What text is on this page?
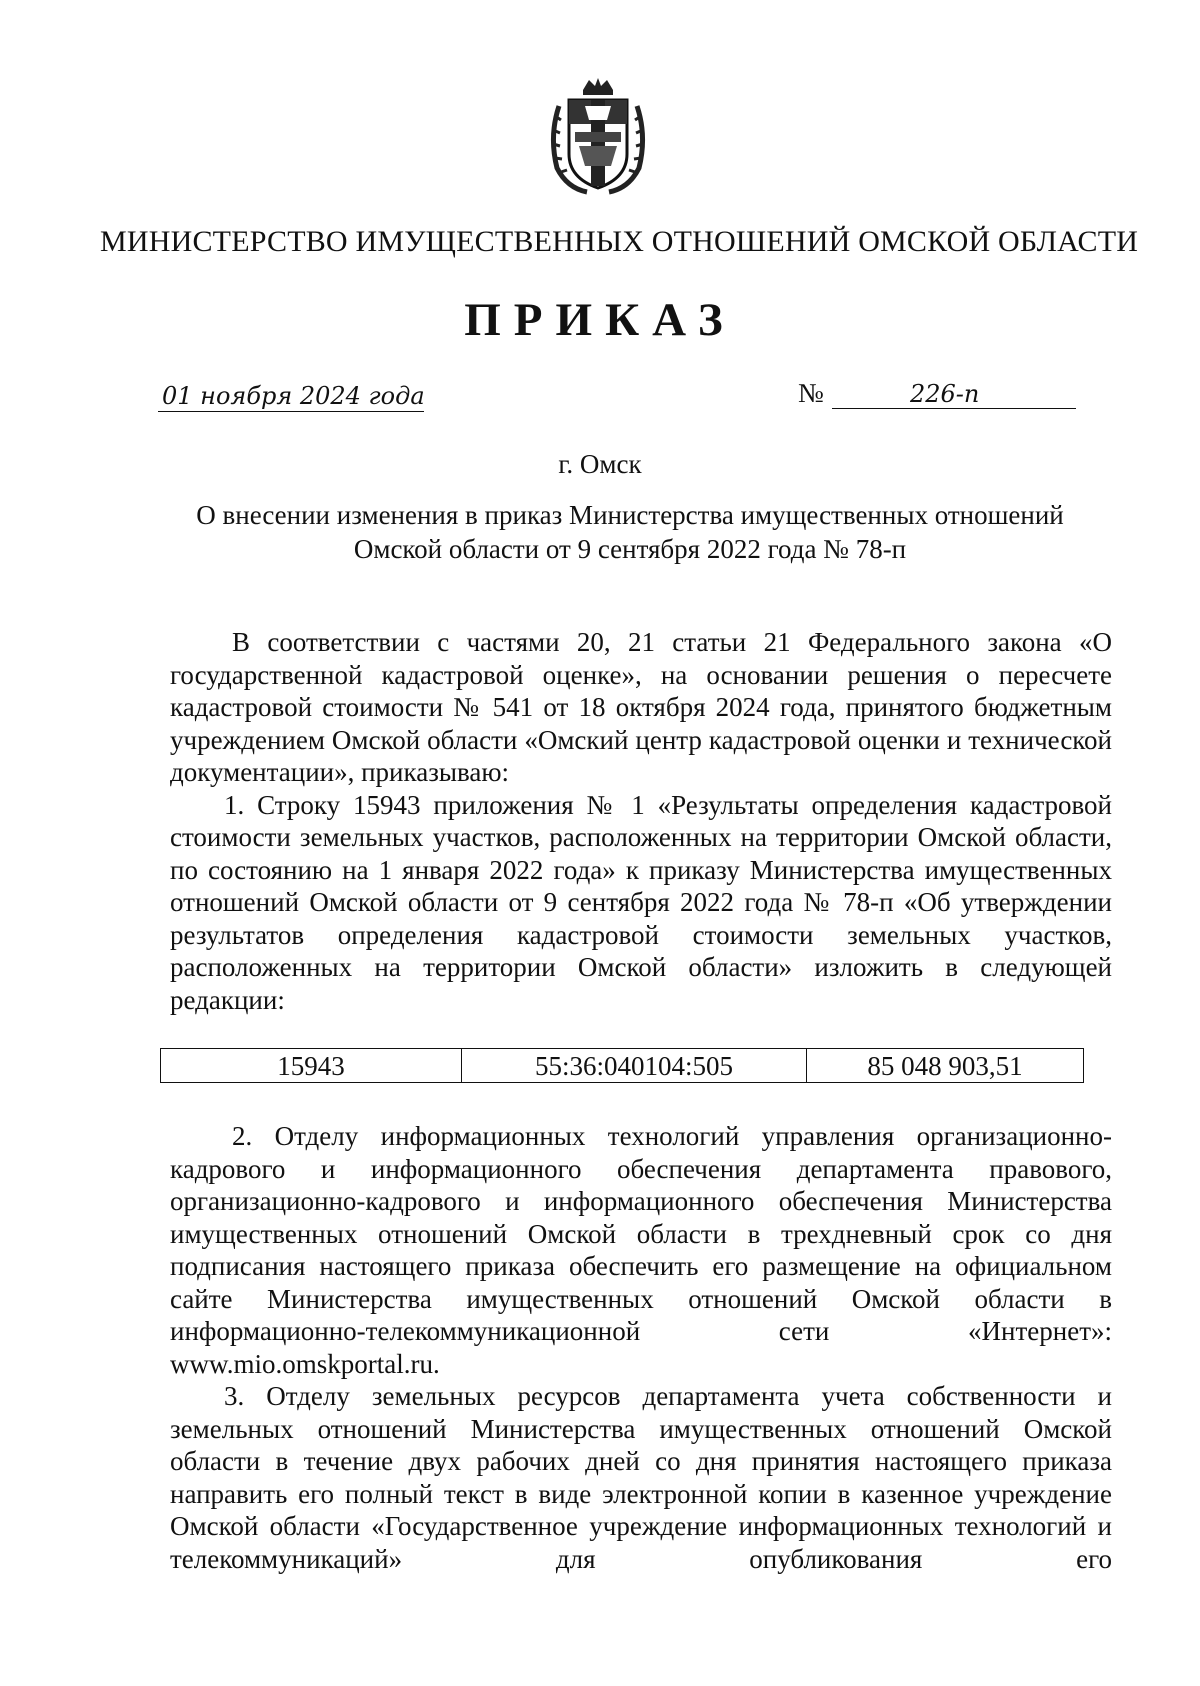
МИНИСТЕРСТВО ИМУЩЕСТВЕННЫХ ОТНОШЕНИЙ ОМСКОЙ ОБЛАСТИ
ПРИКАЗ
01 ноября 2024 года	№	226-п
г. Омск
О внесении изменения в приказ Министерства имущественных отношений
Омской области от 9 сентября 2022 года № 78-п

В соответствии с частями 20, 21 статьи 21 Федерального закона «О государственной кадастровой оценке», на основании решения о пересчете кадастровой стоимости № 541 от 18 октября 2024 года, принятого бюджетным учреждением Омской области «Омский центр кадастровой оценки и технической документации», приказываю:

1. Строку 15943 приложения № 1 «Результаты определения кадастровой стоимости земельных участков, расположенных на территории Омской области, по состоянию на 1 января 2022 года» к приказу Министерства имущественных отношений Омской области от 9 сентября 2022 года № 78-п «Об утверждении результатов определения кадастровой стоимости земельных участков, расположенных на территории Омской области» изложить в следующей редакции:

15943	55:36:040104:505	85 048 903,51

2. Отделу информационных технологий управления организационно-кадрового и информационного обеспечения департамента правового, организационно-кадрового и информационного обеспечения Министерства имущественных отношений Омской области в трехдневный срок со дня подписания настоящего приказа обеспечить его размещение на официальном сайте Министерства имущественных отношений Омской области в информационно-телекоммуникационной сети «Интернет»:

www.mio.omskportal.ru.

3. Отделу земельных ресурсов департамента учета собственности и земельных отношений Министерства имущественных отношений Омской области в течение двух рабочих дней со дня принятия настоящего приказа направить его полный текст в виде электронной копии в казенное учреждение Омской области «Государственное учреждение информационных технологий и телекоммуникаций» для опубликования его
